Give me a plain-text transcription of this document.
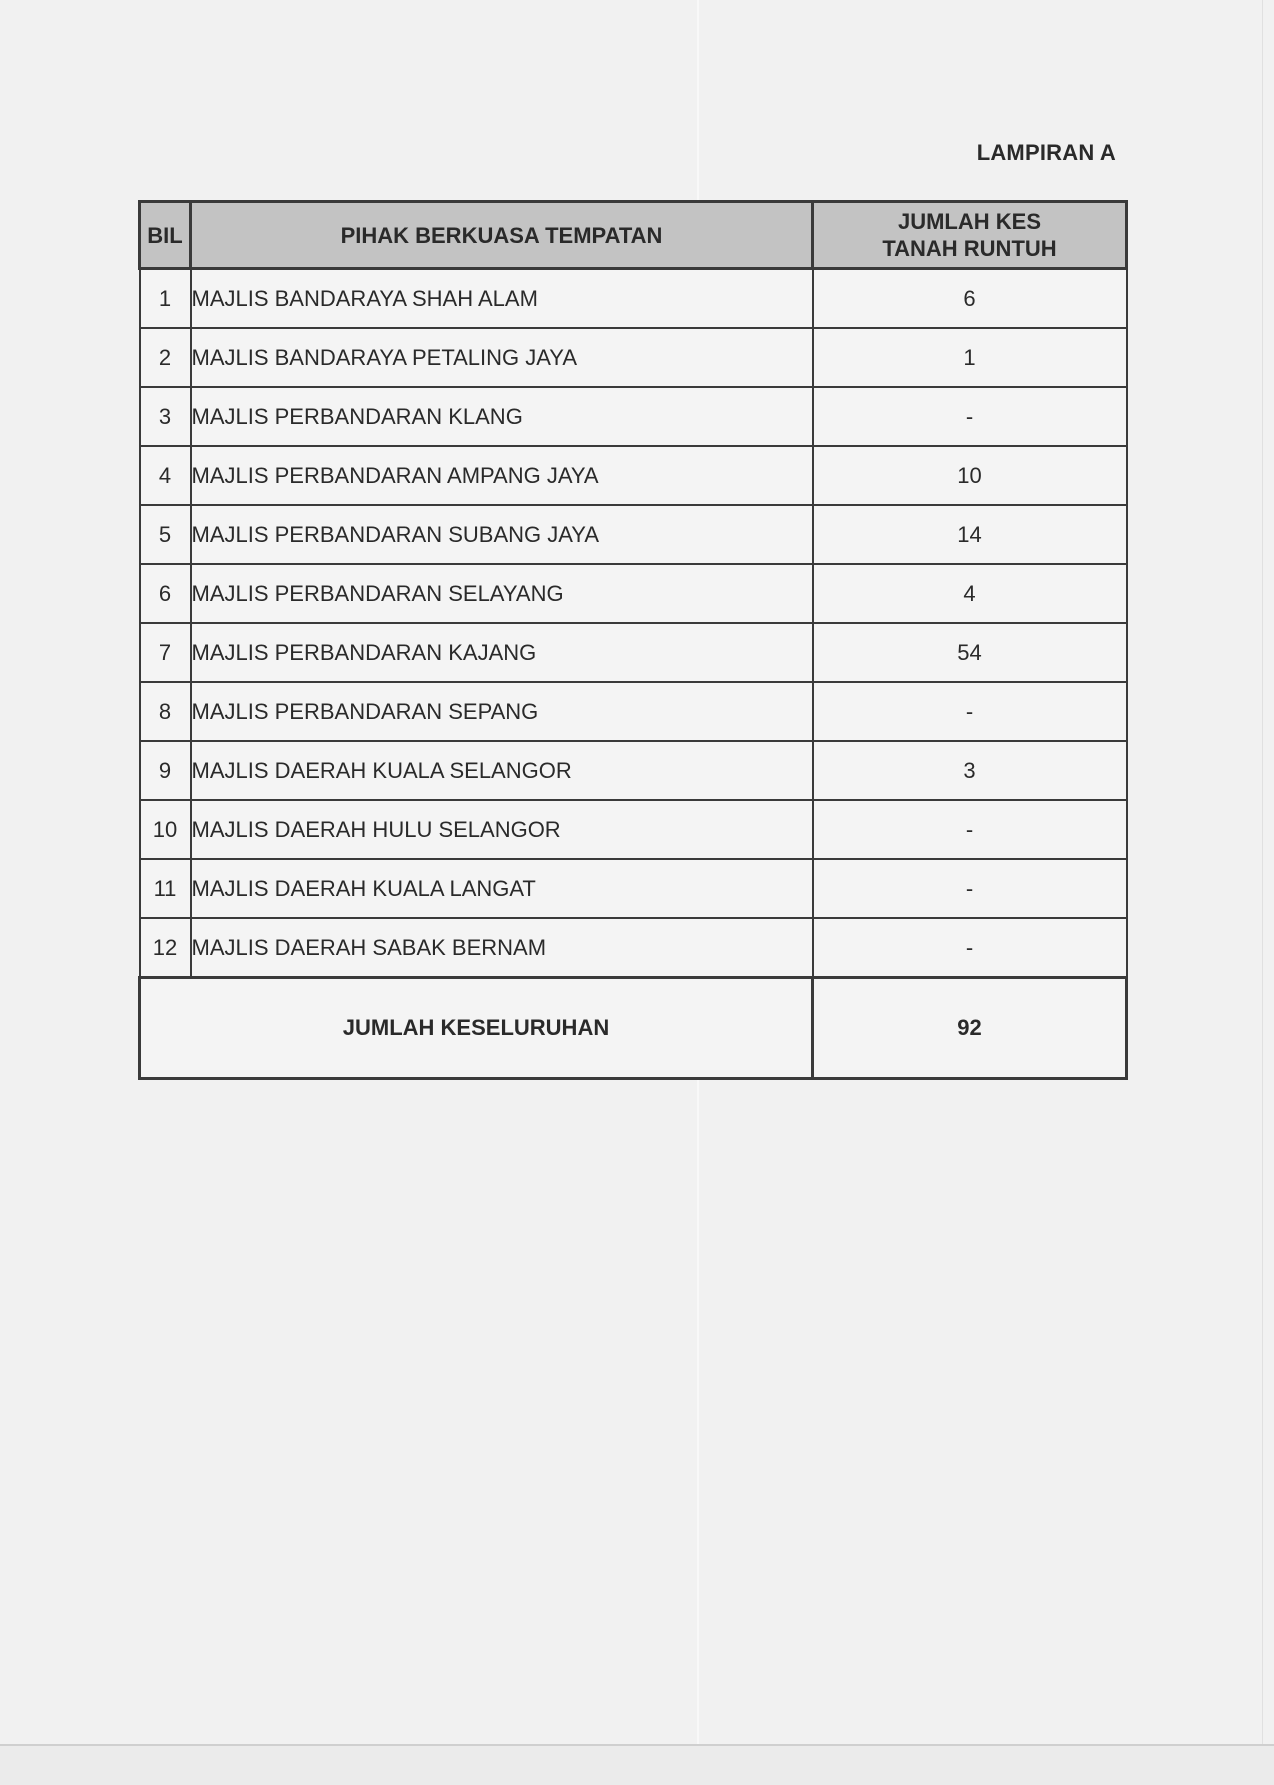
LAMPIRAN A
BIL	PIHAK BERKUASA TEMPATAN	JUMLAH KES TANAH RUNTUH
1	MAJLIS BANDARAYA SHAH ALAM	6
2	MAJLIS BANDARAYA PETALING JAYA	1
3	MAJLIS PERBANDARAN KLANG	-
4	MAJLIS PERBANDARAN AMPANG JAYA	10
5	MAJLIS PERBANDARAN SUBANG JAYA	14
6	MAJLIS PERBANDARAN SELAYANG	4
7	MAJLIS PERBANDARAN KAJANG	54
8	MAJLIS PERBANDARAN SEPANG	-
9	MAJLIS DAERAH KUALA SELANGOR	3
10	MAJLIS DAERAH HULU SELANGOR	-
11	MAJLIS DAERAH KUALA LANGAT	-
12	MAJLIS DAERAH SABAK BERNAM	-
JUMLAH KESELURUHAN		92
